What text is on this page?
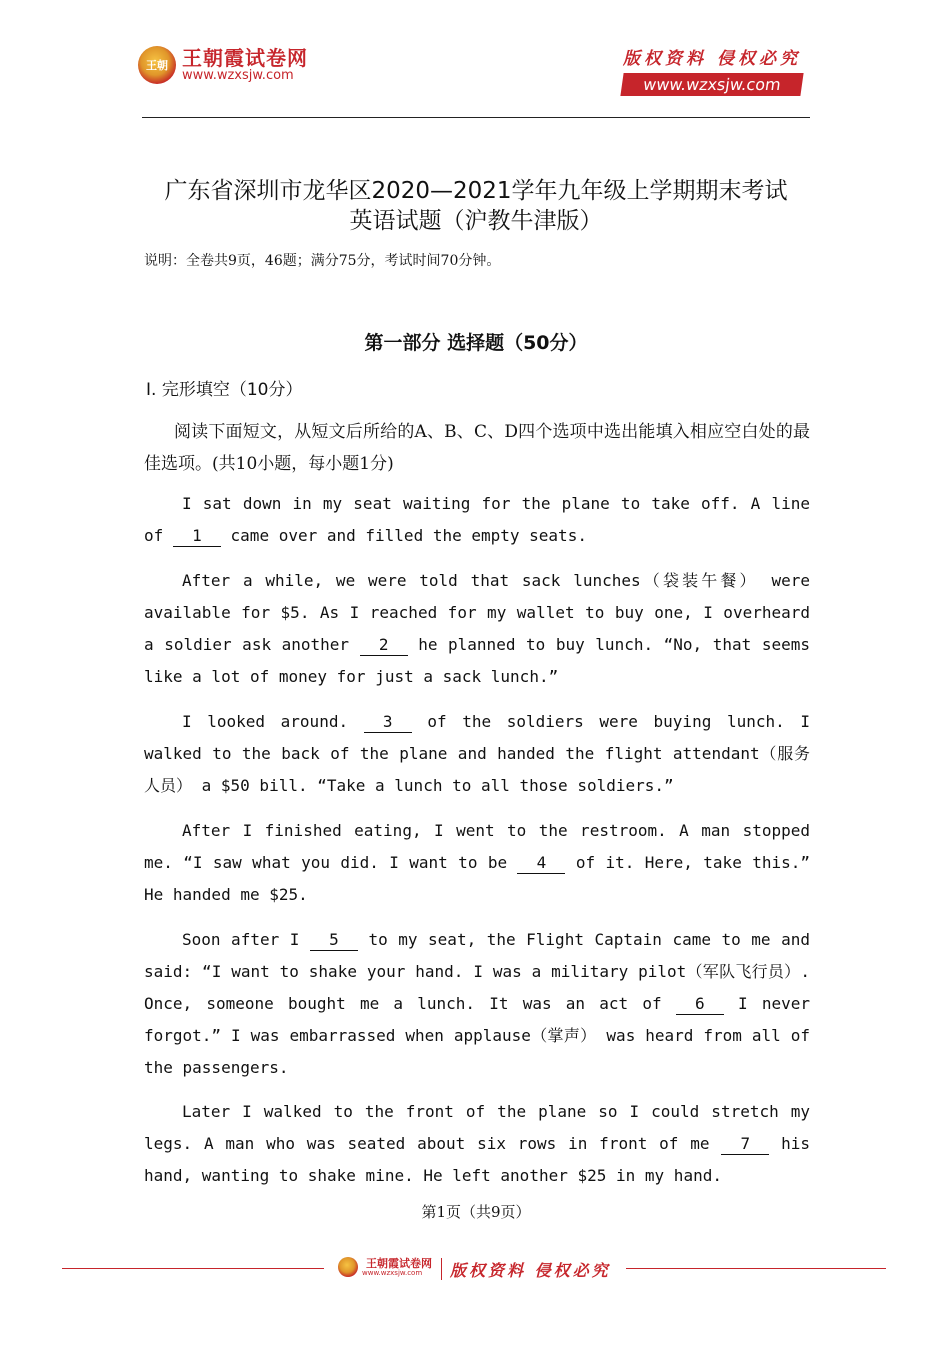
王朝 王朝霞试卷网
www.wzxsjw.com
版权资料 侵权必究
www.wzxsjw.com
广东省深圳市龙华区2020—2021学年九年级上学期期末考试
英语试题（沪教牛津版）
说明：全卷共9页，46题；满分75分，考试时间70分钟。
第一部分 选择题（50分）
I. 完形填空（10分）
阅读下面短文，从短文后所给的A、B、C、D四个选项中选出能填入相应空白处的最佳选项。(共10小题，每小题1分)
I sat down in my seat waiting for the plane to take off. A line of 1 came over and filled the empty seats.
After a while, we were told that sack lunches（袋装午餐） were available for $5. As I reached for my wallet to buy one, I overheard a soldier ask another 2 he planned to buy lunch. “No, that seems like a lot of money for just a sack lunch.”
I looked around. 3 of the soldiers were buying lunch. I walked to the back of the plane and handed the flight attendant（服务人员） a $50 bill. “Take a lunch to all those soldiers.”
After I finished eating, I went to the restroom. A man stopped me. “I saw what you did. I want to be 4 of it. Here, take this.” He handed me $25.
Soon after I 5 to my seat, the Flight Captain came to me and said: “I want to shake your hand. I was a military pilot（军队飞行员）. Once, someone bought me a lunch. It was an act of 6 I never forgot.” I was embarrassed when applause（掌声） was heard from all of the passengers.
Later I walked to the front of the plane so I could stretch my legs. A man who was seated about six rows in front of me 7 his hand, wanting to shake mine. He left another $25 in my hand.
第1页（共9页）
王朝霞试卷网
www.wzxsjw.com	版权资料 侵权必究
